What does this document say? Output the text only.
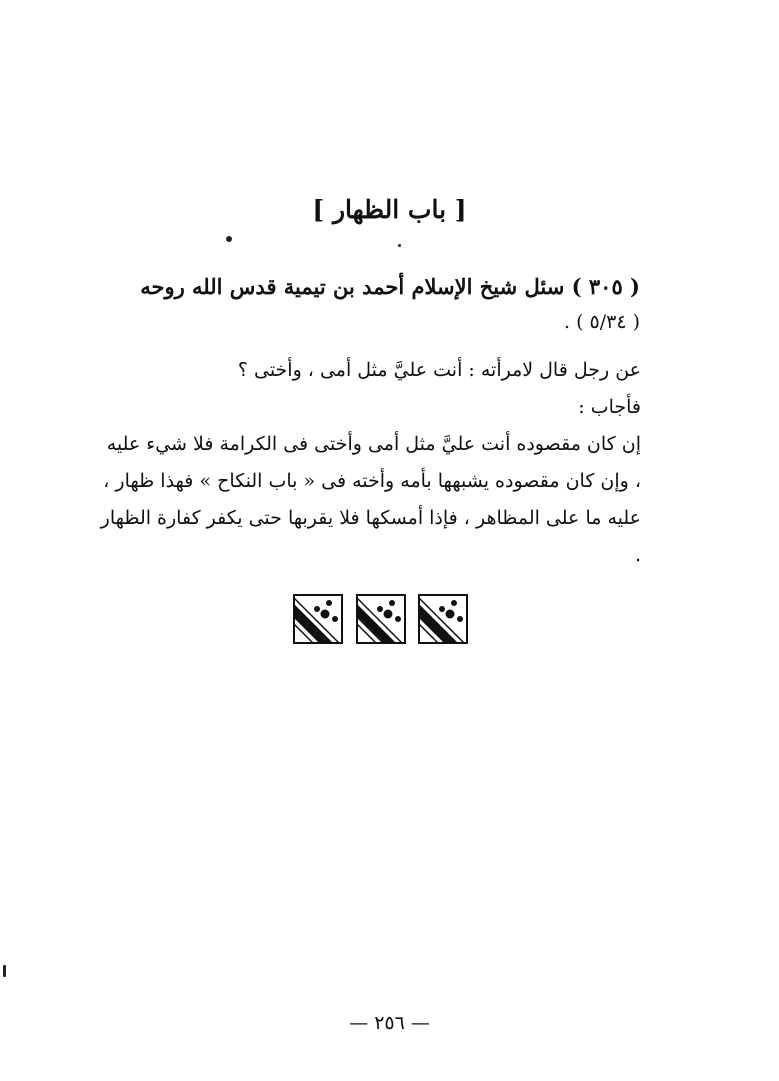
[ باب الظهار ]
( ٣٠٥ ) سئل شيخ الإسلام أحمد بن تيمية قدس الله روحه
( ٥/٣٤ ) .

عن رجل قال لامرأته : أنت عليَّ مثل أمى ، وأختى ؟

فأجاب :

إن كان مقصوده أنت عليَّ مثل أمى وأختى فى الكرامة فلا شيء عليه ، وإن كان مقصوده يشبهها بأمه وأخته فى « باب النكاح » فهذا ظهار ، عليه ما على المظاهر ، فإذا أمسكها فلا يقربها حتى يكفر كفارة الظهار .

— ٢٥٦ —
